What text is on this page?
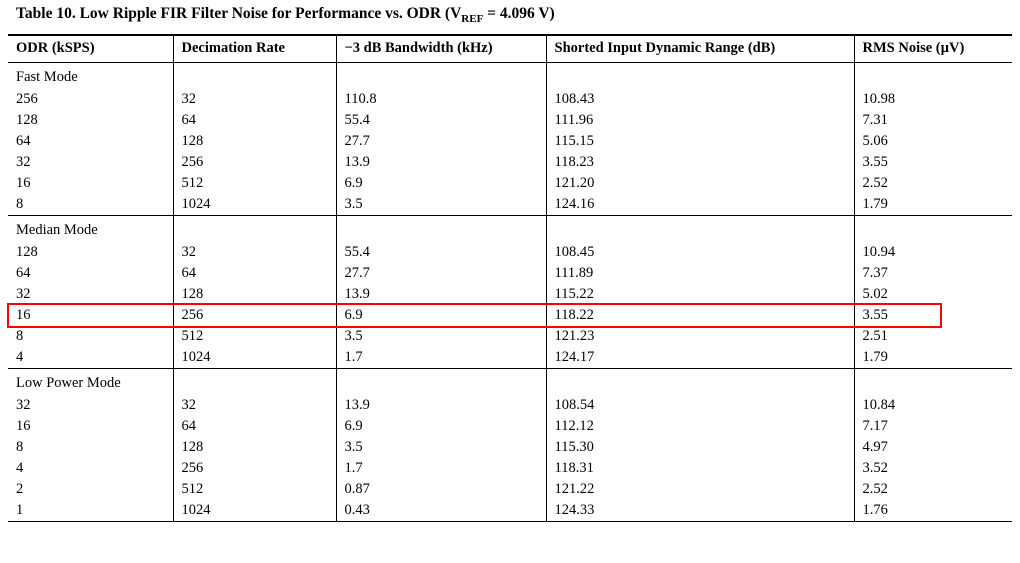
Table 10. Low Ripple FIR Filter Noise for Performance vs. ODR ($V_{REF} = 4.096$ V)
ODR (kSPS)	Decimation Rate	−3 dB Bandwidth (kHz)	Shorted Input Dynamic Range (dB)	RMS Noise (µV)
Fast Mode				
256	32	110.8	108.43	10.98
128	64	55.4	111.96	7.31
64	128	27.7	115.15	5.06
32	256	13.9	118.23	3.55
16	512	6.9	121.20	2.52
8	1024	3.5	124.16	1.79
Median Mode				
128	32	55.4	108.45	10.94
64	64	27.7	111.89	7.37
32	128	13.9	115.22	5.02
16	256	6.9	118.22	3.55
8	512	3.5	121.23	2.51
4	1024	1.7	124.17	1.79
Low Power Mode				
32	32	13.9	108.54	10.84
16	64	6.9	112.12	7.17
8	128	3.5	115.30	4.97
4	256	1.7	118.31	3.52
2	512	0.87	121.22	2.52
1	1024	0.43	124.33	1.76
